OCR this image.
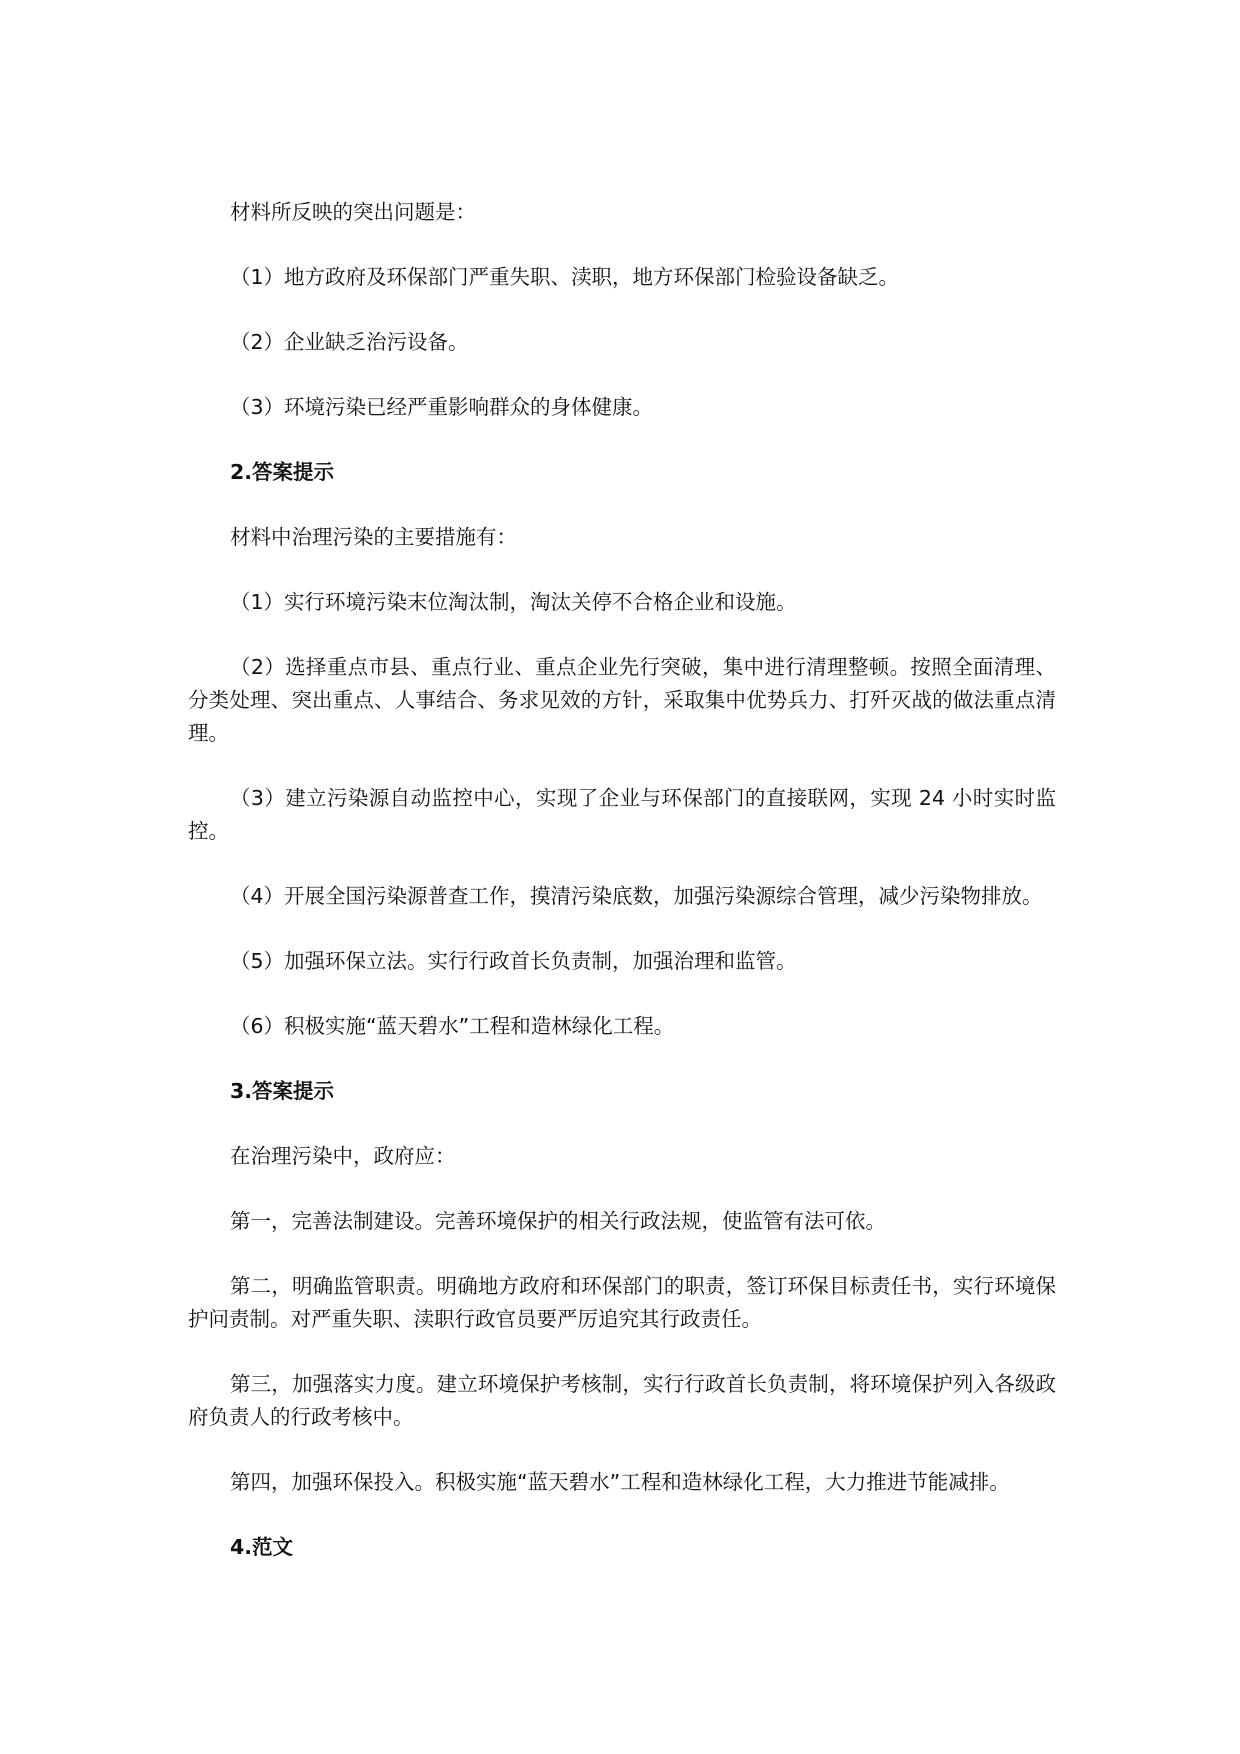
材料所反映的突出问题是：

（1）地方政府及环保部门严重失职、渎职，地方环保部门检验设备缺乏。

（2）企业缺乏治污设备。

（3）环境污染已经严重影响群众的身体健康。

2.答案提示

材料中治理污染的主要措施有：

（1）实行环境污染末位淘汰制，淘汰关停不合格企业和设施。

（2）选择重点市县、重点行业、重点企业先行突破，集中进行清理整顿。按照全面清理、分类处理、突出重点、人事结合、务求见效的方针，采取集中优势兵力、打歼灭战的做法重点清理。

（3）建立污染源自动监控中心，实现了企业与环保部门的直接联网，实现 24 小时实时监控。

（4）开展全国污染源普查工作，摸清污染底数，加强污染源综合管理，减少污染物排放。

（5）加强环保立法。实行行政首长负责制，加强治理和监管。

（6）积极实施“蓝天碧水”工程和造林绿化工程。

3.答案提示

在治理污染中，政府应：

第一，完善法制建设。完善环境保护的相关行政法规，使监管有法可依。

第二，明确监管职责。明确地方政府和环保部门的职责，签订环保目标责任书，实行环境保护问责制。对严重失职、渎职行政官员要严厉追究其行政责任。

第三，加强落实力度。建立环境保护考核制，实行行政首长负责制，将环境保护列入各级政府负责人的行政考核中。

第四，加强环保投入。积极实施“蓝天碧水”工程和造林绿化工程，大力推进节能减排。

4.范文
